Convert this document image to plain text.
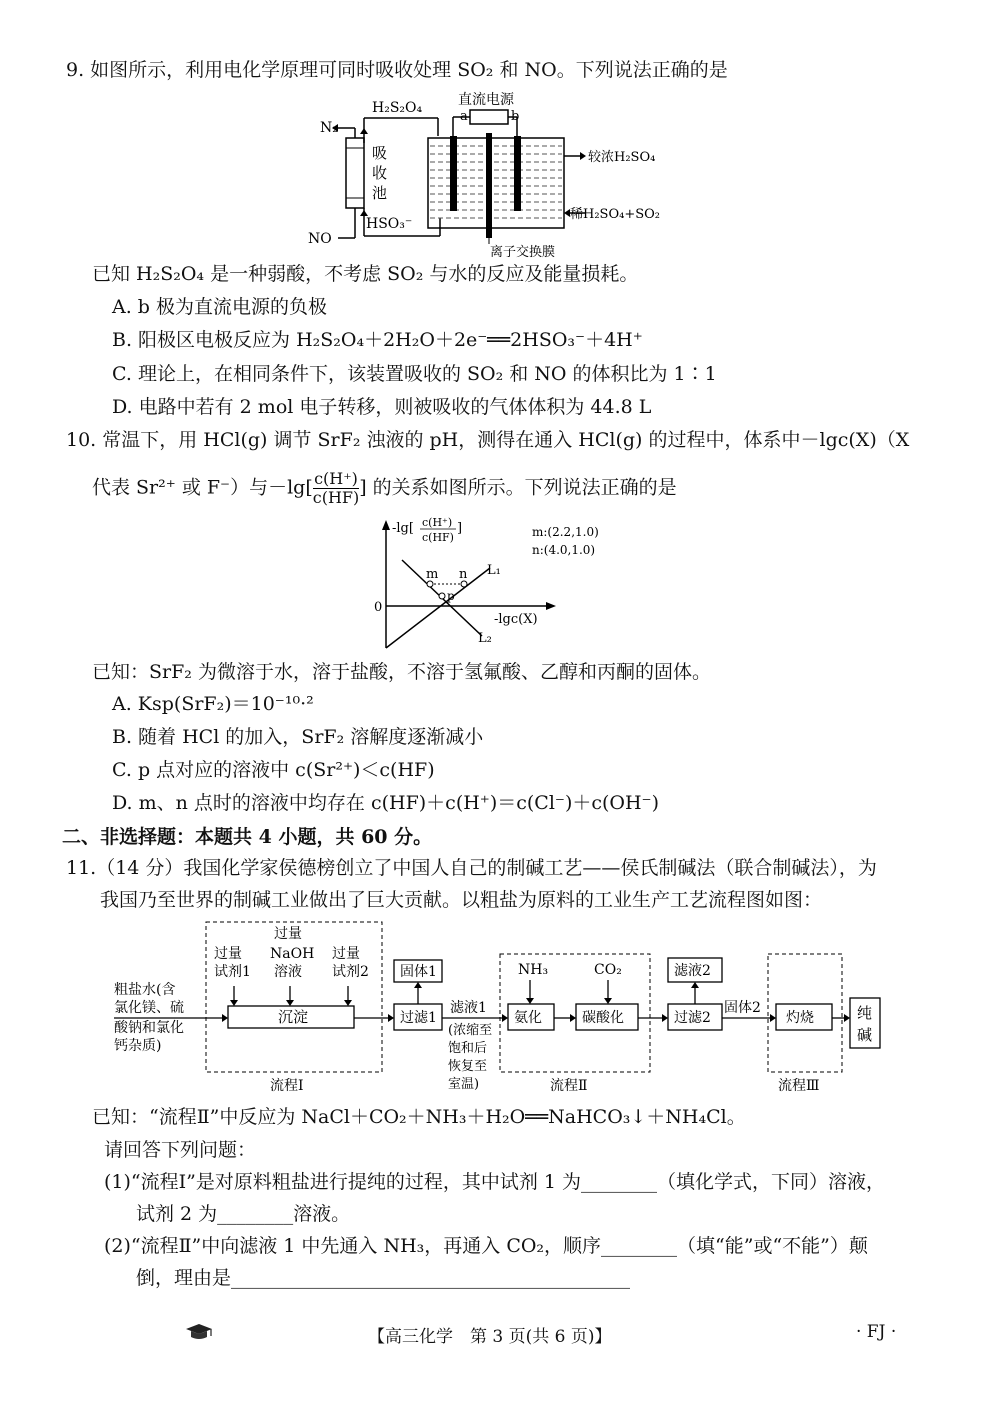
9. 如图所示，利用电化学原理可同时吸收处理 SO₂ 和 NO。下列说法正确的是
N₂
H₂S₂O₄	直流电源
a	b
吸
收
池
HSO₃⁻
NO
较浓H₂SO₄
稀H₂SO₄+SO₂
离子交换膜
已知 H₂S₂O₄ 是一种弱酸，不考虑 SO₂ 与水的反应及能量损耗。
A. b 极为直流电源的负极
B. 阳极区电极反应为 H₂S₂O₄＋2H₂O＋2e⁻══2HSO₃⁻＋4H⁺
C. 理论上，在相同条件下，该装置吸收的 SO₂ 和 NO 的体积比为 1∶1
D. 电路中若有 2 mol 电子转移，则被吸收的气体体积为 44.8 L
10. 常温下，用 HCl(g) 调节 SrF₂ 浊液的 pH，测得在通入 HCl(g) 的过程中，体系中－lgc(X)（X
代表 Sr²⁺ 或 F⁻）与$-\lg[ \frac{c(H^+)}{c(HF)}$ ] 的关系如图所示。下列说法正确的是
-lg[ c(H⁺)
c(HF)
]	m:(2.2,1.0)
n:(4.0,1.0)
0
-lgc(X)
m n
p
L₁
L₂
已知：SrF₂ 为微溶于水，溶于盐酸，不溶于氢氟酸、乙醇和丙酮的固体。
A. Ksp(SrF₂)＝10⁻¹⁰·²
B. 随着 HCl 的加入，SrF₂ 溶解度逐渐减小
C. p 点对应的溶液中 c(Sr²⁺)＜c(HF)
D. m、n 点时的溶液中均存在 c(HF)＋c(H⁺)＝c(Cl⁻)＋c(OH⁻)
二、非选择题：本题共 4 小题，共 60 分。
11.（14 分）我国化学家侯德榜创立了中国人自己的制碱工艺——侯氏制碱法（联合制碱法），为
我国乃至世界的制碱工业做出了巨大贡献。以粗盐为原料的工业生产工艺流程图如图：
粗盐水(含
氯化镁、硫
酸钠和氯化
钙杂质)
过量
试剂1
过量
NaOH
溶液
过量
试剂2
沉淀
流程Ⅰ
固体1
过滤1
滤液1
(浓缩至
饱和后
恢复至
室温)
NH₃	CO₂
氨化	碳酸化
流程Ⅱ
滤液2
过滤2
固体2
灼烧
流程Ⅲ
纯
碱
已知：“流程Ⅱ”中反应为 NaCl＋CO₂＋NH₃＋H₂O══NaHCO₃↓＋NH₄Cl。
请回答下列问题：
(1)“流程Ⅰ”是对原料粗盐进行提纯的过程，其中试剂 1 为________（填化学式，下同）溶液，
试剂 2 为________溶液。
(2)“流程Ⅱ”中向滤液 1 中先通入 NH₃，再通入 CO₂，顺序________（填“能”或“不能”）颠
倒，理由是__________________________________________
【高三化学　第 3 页(共 6 页)】	· FJ ·
